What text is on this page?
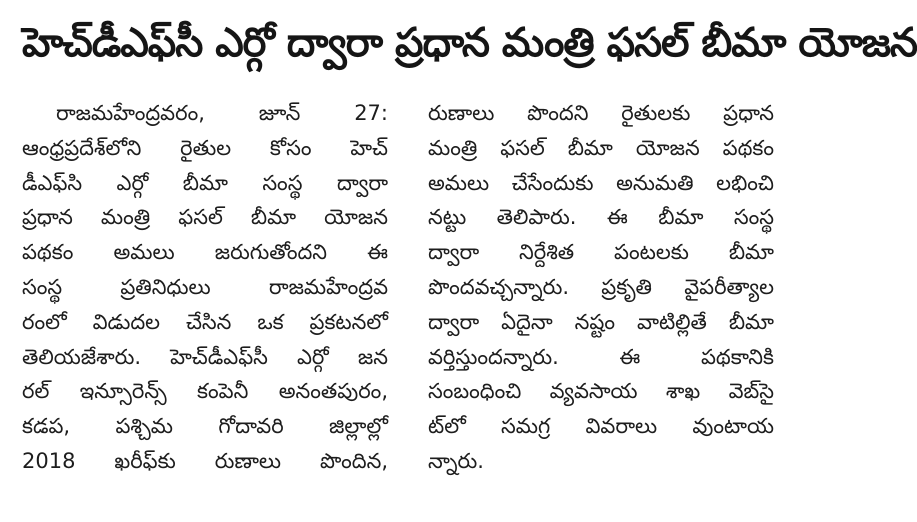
హెచ్‌డీఎఫ్‌సీ ఎర్గో ద్వారా ప్రధాన మంత్రి ఫసల్ బీమా యోజన
రాజమహేంద్రవరం, జూన్ 27:
ఆంధ్రప్రదేశ్‌లోని రైతుల కోసం హెచ్
డీఎఫ్‌సి ఎర్గో బీమా సంస్థ ద్వారా
ప్రధాన మంత్రి ఫసల్ బీమా యోజన
పథకం అమలు జరుగుతోందని ఈ
సంస్థ ప్రతినిధులు రాజమహేంద్రవ
రంలో విడుదల చేసిన ఒక ప్రకటనలో
తెలియజేశారు. హెచ్‌డీఎఫ్‌సీ ఎర్గో జన
రల్ ఇన్సూరెన్స్ కంపెనీ అనంతపురం,
కడప, పశ్చిమ గోదావరి జిల్లాల్లో
2018 ఖరీఫ్‌కు రుణాలు పొందిన,
రుణాలు పొందని రైతులకు ప్రధాన
మంత్రి ఫసల్ బీమా యోజన పథకం
అమలు చేసేందుకు అనుమతి లభించి
నట్టు తెలిపారు. ఈ బీమా సంస్థ
ద్వారా నిర్దేశిత పంటలకు బీమా
పొందవచ్చన్నారు. ప్రకృతి వైపరీత్యాల
ద్వారా ఏదైనా నష్టం వాటిల్లితే బీమా
వర్తిస్తుందన్నారు. ఈ పథకానికి
సంబంధించి వ్యవసాయ శాఖ వెబ్‌సై
ట్‌లో సమగ్ర వివరాలు వుంటాయ
న్నారు.
